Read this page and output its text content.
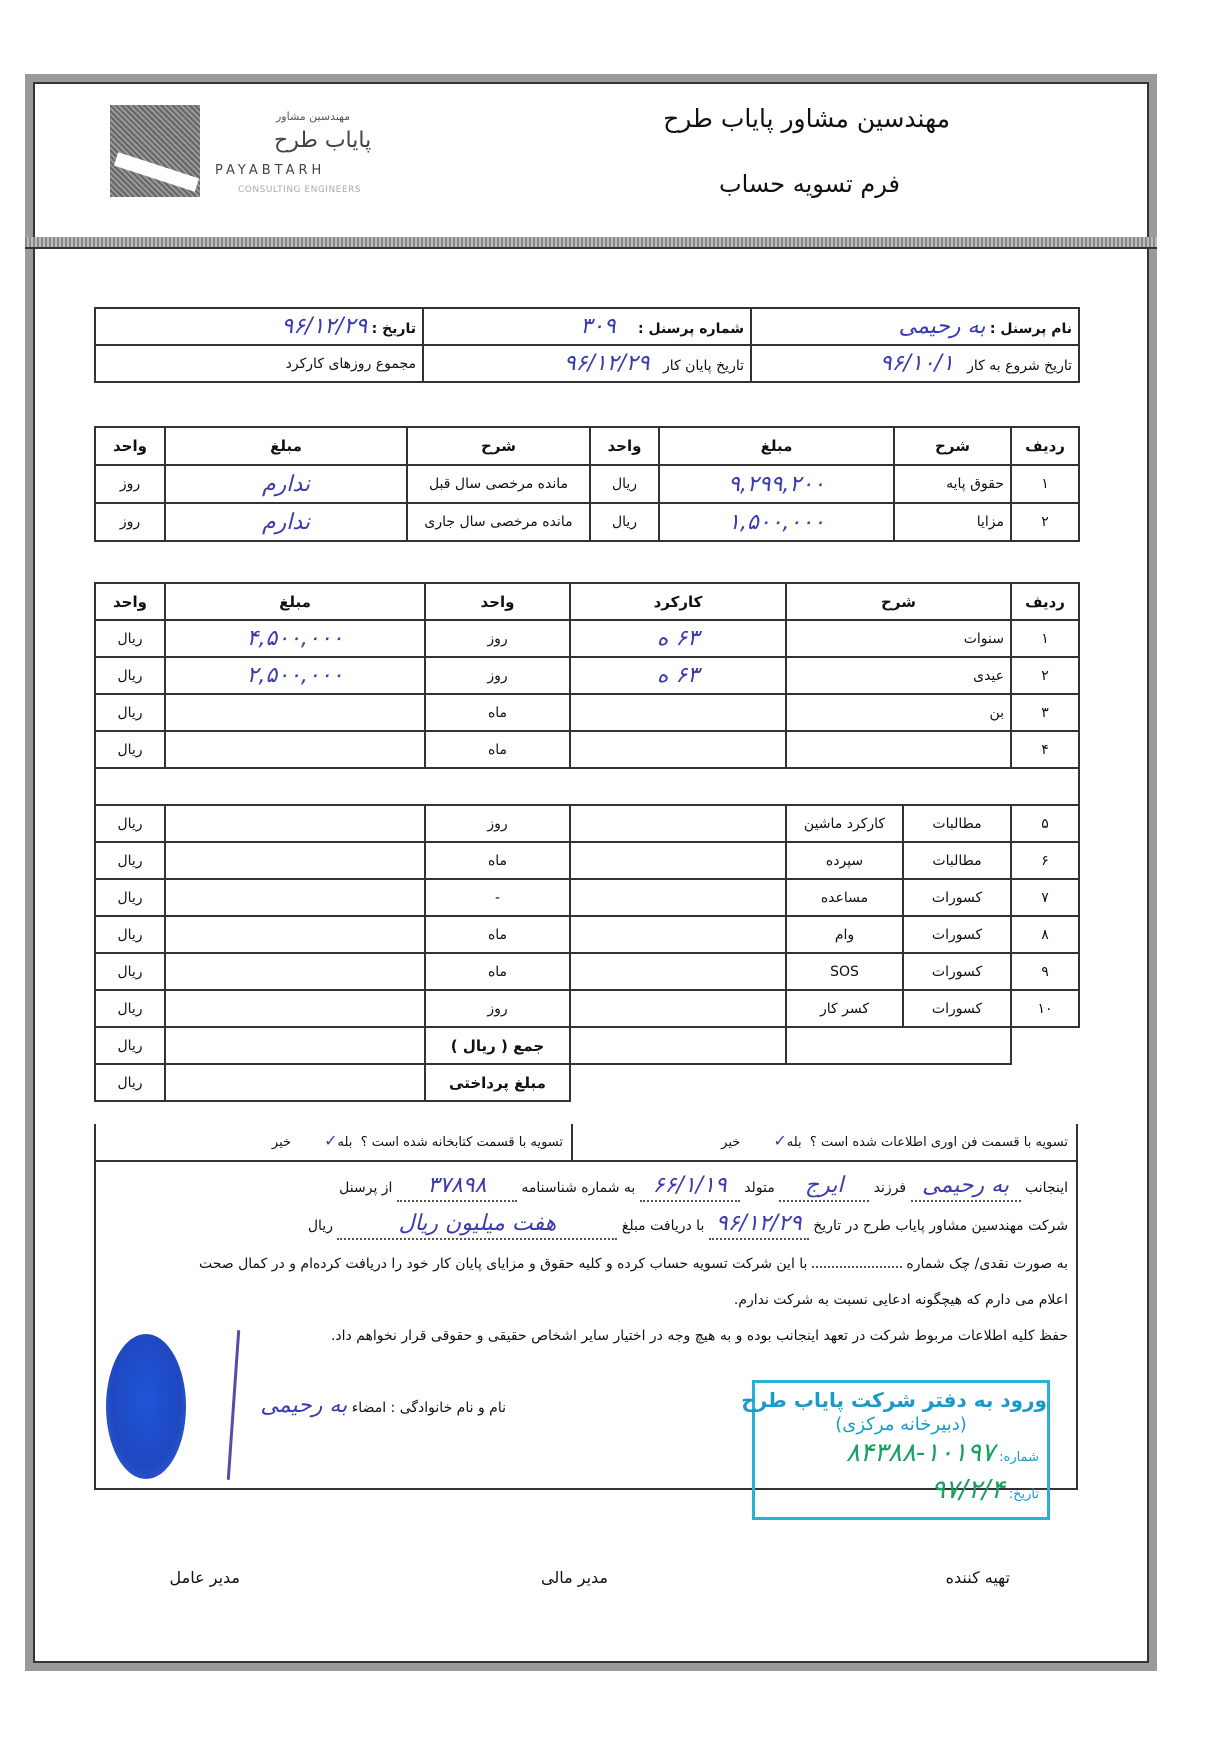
مهندسین مشاور
پایاب طرح
PAYABTARH
CONSULTING ENGINEERS
مهندسین مشاور پایاب طرح
فرم تسویه حساب
نام پرسنل : به رحیمی	شماره پرسنل :     ۳۰۹	تاریخ : ۹۶/۱۲/۲۹
تاریخ شروع به کار   ۹۶/۱۰/۱	تاریخ پایان کار   ۹۶/۱۲/۲۹	مجموع روزهای کارکرد
ردیف	شرح	مبلغ	واحد	شرح	مبلغ	واحد
۱	حقوق پایه	۹,۲۹۹,۲۰۰	ریال	مانده مرخصی سال قبل	ندارم	روز
۲	مزایا	۱,۵۰۰,۰۰۰	ریال	مانده مرخصی سال جاری	ندارم	روز
ردیف	شرح		کارکرد	واحد	مبلغ	واحد
۱	سنوات		۶۳ ه	روز	۴,۵۰۰,۰۰۰	ریال
۲	عیدی		۶۳ ه	روز	۲,۵۰۰,۰۰۰	ریال
۳	بن			ماه		ریال
۴				ماه		ریال

۵	مطالبات	کارکرد ماشین		روز		ریال
۶	مطالبات	سپرده		ماه		ریال
۷	کسورات	مساعده		-		ریال
۸	کسورات	وام		ماه		ریال
۹	کسورات	SOS		ماه		ریال
۱۰	کسورات	کسر کار		روز		ریال
				جمع ( ریال )		ریال
				مبلغ پرداختی		ریال
تسویه با قسمت فن اوری اطلاعات شده است ؟  بله✓        خیر
تسویه با قسمت کتابخانه شده است ؟  بله✓        خیر
اینجانب به رحیمی فرزند ایرج متولد ۶۶/۱/۱۹ به شماره شناسنامه ۳۷۸۹۸ از پرسنل
شرکت مهندسین مشاور پایاب طرح در تاریخ ۹۶/۱۲/۲۹ با دریافت مبلغ هفت میلیون ریال ریال
به صورت نقدی/ چک شماره  با این شرکت تسویه حساب کرده و کلیه حقوق و مزایای پایان کار خود را دریافت کرده‌ام و در کمال صحت
اعلام می دارم که هیچگونه ادعایی نسبت به شرکت ندارم.
حفظ کلیه اطلاعات مربوط شرکت در تعهد اینجانب بوده و به هیچ وجه در اختیار سایر اشخاص حقیقی و حقوقی قرار نخواهم داد.
نام و نام خانوادگی : امضاء به رحیمی	ورود به دفتر شرکت پایاب طرح
(دبیرخانه مرکزی)
شماره: ۱۰۱۹۷-۸۴۳۸۸
تاریخ: ۹۷/۲/۴
تهیه کننده
مدیر مالی
مدیر عامل
